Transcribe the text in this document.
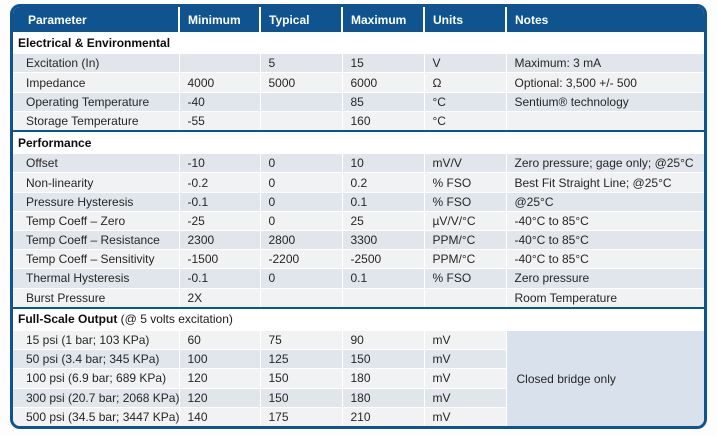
Parameter	Minimum	Typical	Maximum	Units	Notes
Electrical & Environmental					
Excitation (In)		5	15	V	Maximum: 3 mA
Impedance	4000	5000	6000	Ω	Optional: 3,500 +/- 500
Operating Temperature	-40		85	°C	Sentium® technology
Storage Temperature	-55		160	°C	
Performance					
Offset	-10	0	10	mV/V	Zero pressure; gage only; @25°C
Non-linearity	-0.2	0	0.2	% FSO	Best Fit Straight Line; @25°C
Pressure Hysteresis	-0.1	0	0.1	% FSO	@25°C
Temp Coeff – Zero	-25	0	25	µV/V/°C	-40°C to 85°C
Temp Coeff – Resistance	2300	2800	3300	PPM/°C	-40°C to 85°C
Temp Coeff – Sensitivity	-1500	-2200	-2500	PPM/°C	-40°C to 85°C
Thermal Hysteresis	-0.1	0	0.1	% FSO	Zero pressure
Burst Pressure	2X				Room Temperature
Full-Scale Output (@ 5 volts excitation)					
15 psi (1 bar; 103 KPa)	60	75	90	mV	Closed bridge only
50 psi (3.4 bar; 345 KPa)	100	125	150	mV	
100 psi (6.9 bar; 689 KPa)	120	150	180	mV	
300 psi (20.7 bar; 2068 KPa)	120	150	180	mV	
500 psi (34.5 bar; 3447 KPa)	140	175	210	mV	
